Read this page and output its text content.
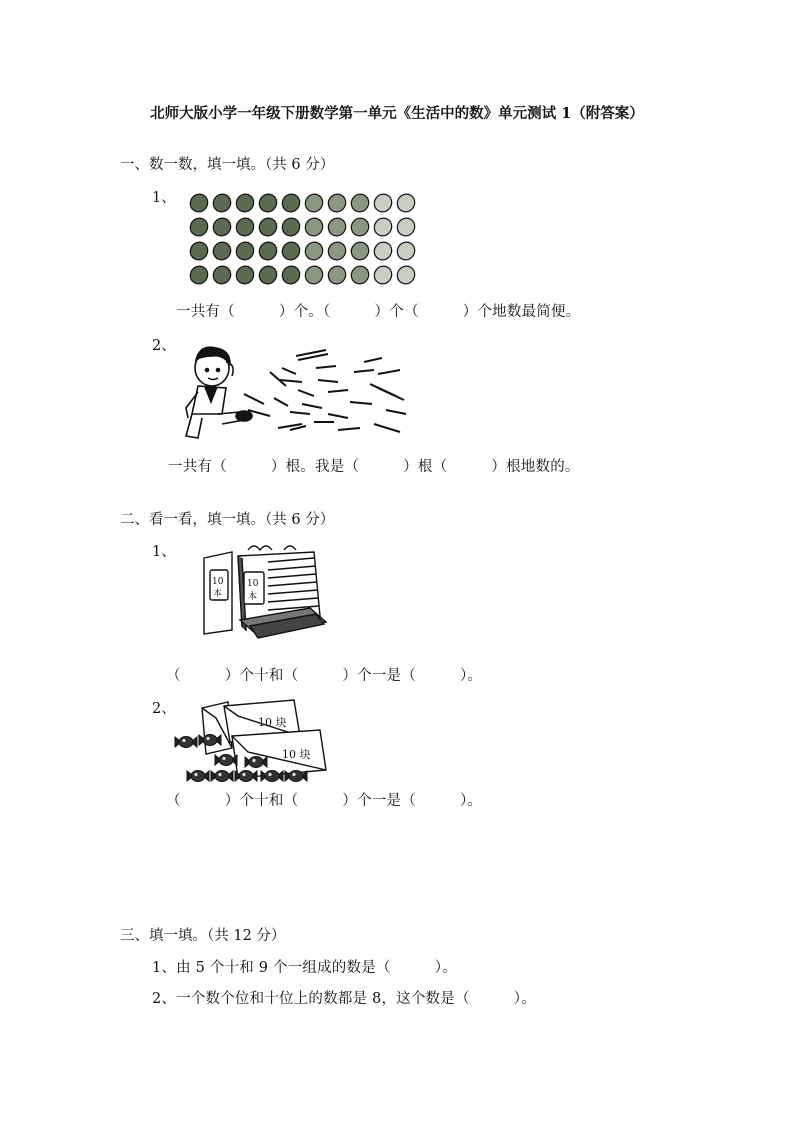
北师大版小学一年级下册数学第一单元《生活中的数》单元测试 1（附答案）
一、数一数，填一填。（共 6 分）
1、
一共有（　　　）个。（　　　）个（　　　）个地数最简便。
2、
一共有（　　　）根。我是（　　　）根（　　　）根地数的。
二、看一看，填一填。（共 6 分）
1、
10
本
10
本
（　　　）个十和（　　　）个一是（　　　）。
2、
10 块
10 块
（　　　）个十和（　　　）个一是（　　　）。
三、填一填。（共 12 分）
1、由 5 个十和 9 个一组成的数是（　　　）。
2、一个数个位和十位上的数都是 8，这个数是（　　　）。
